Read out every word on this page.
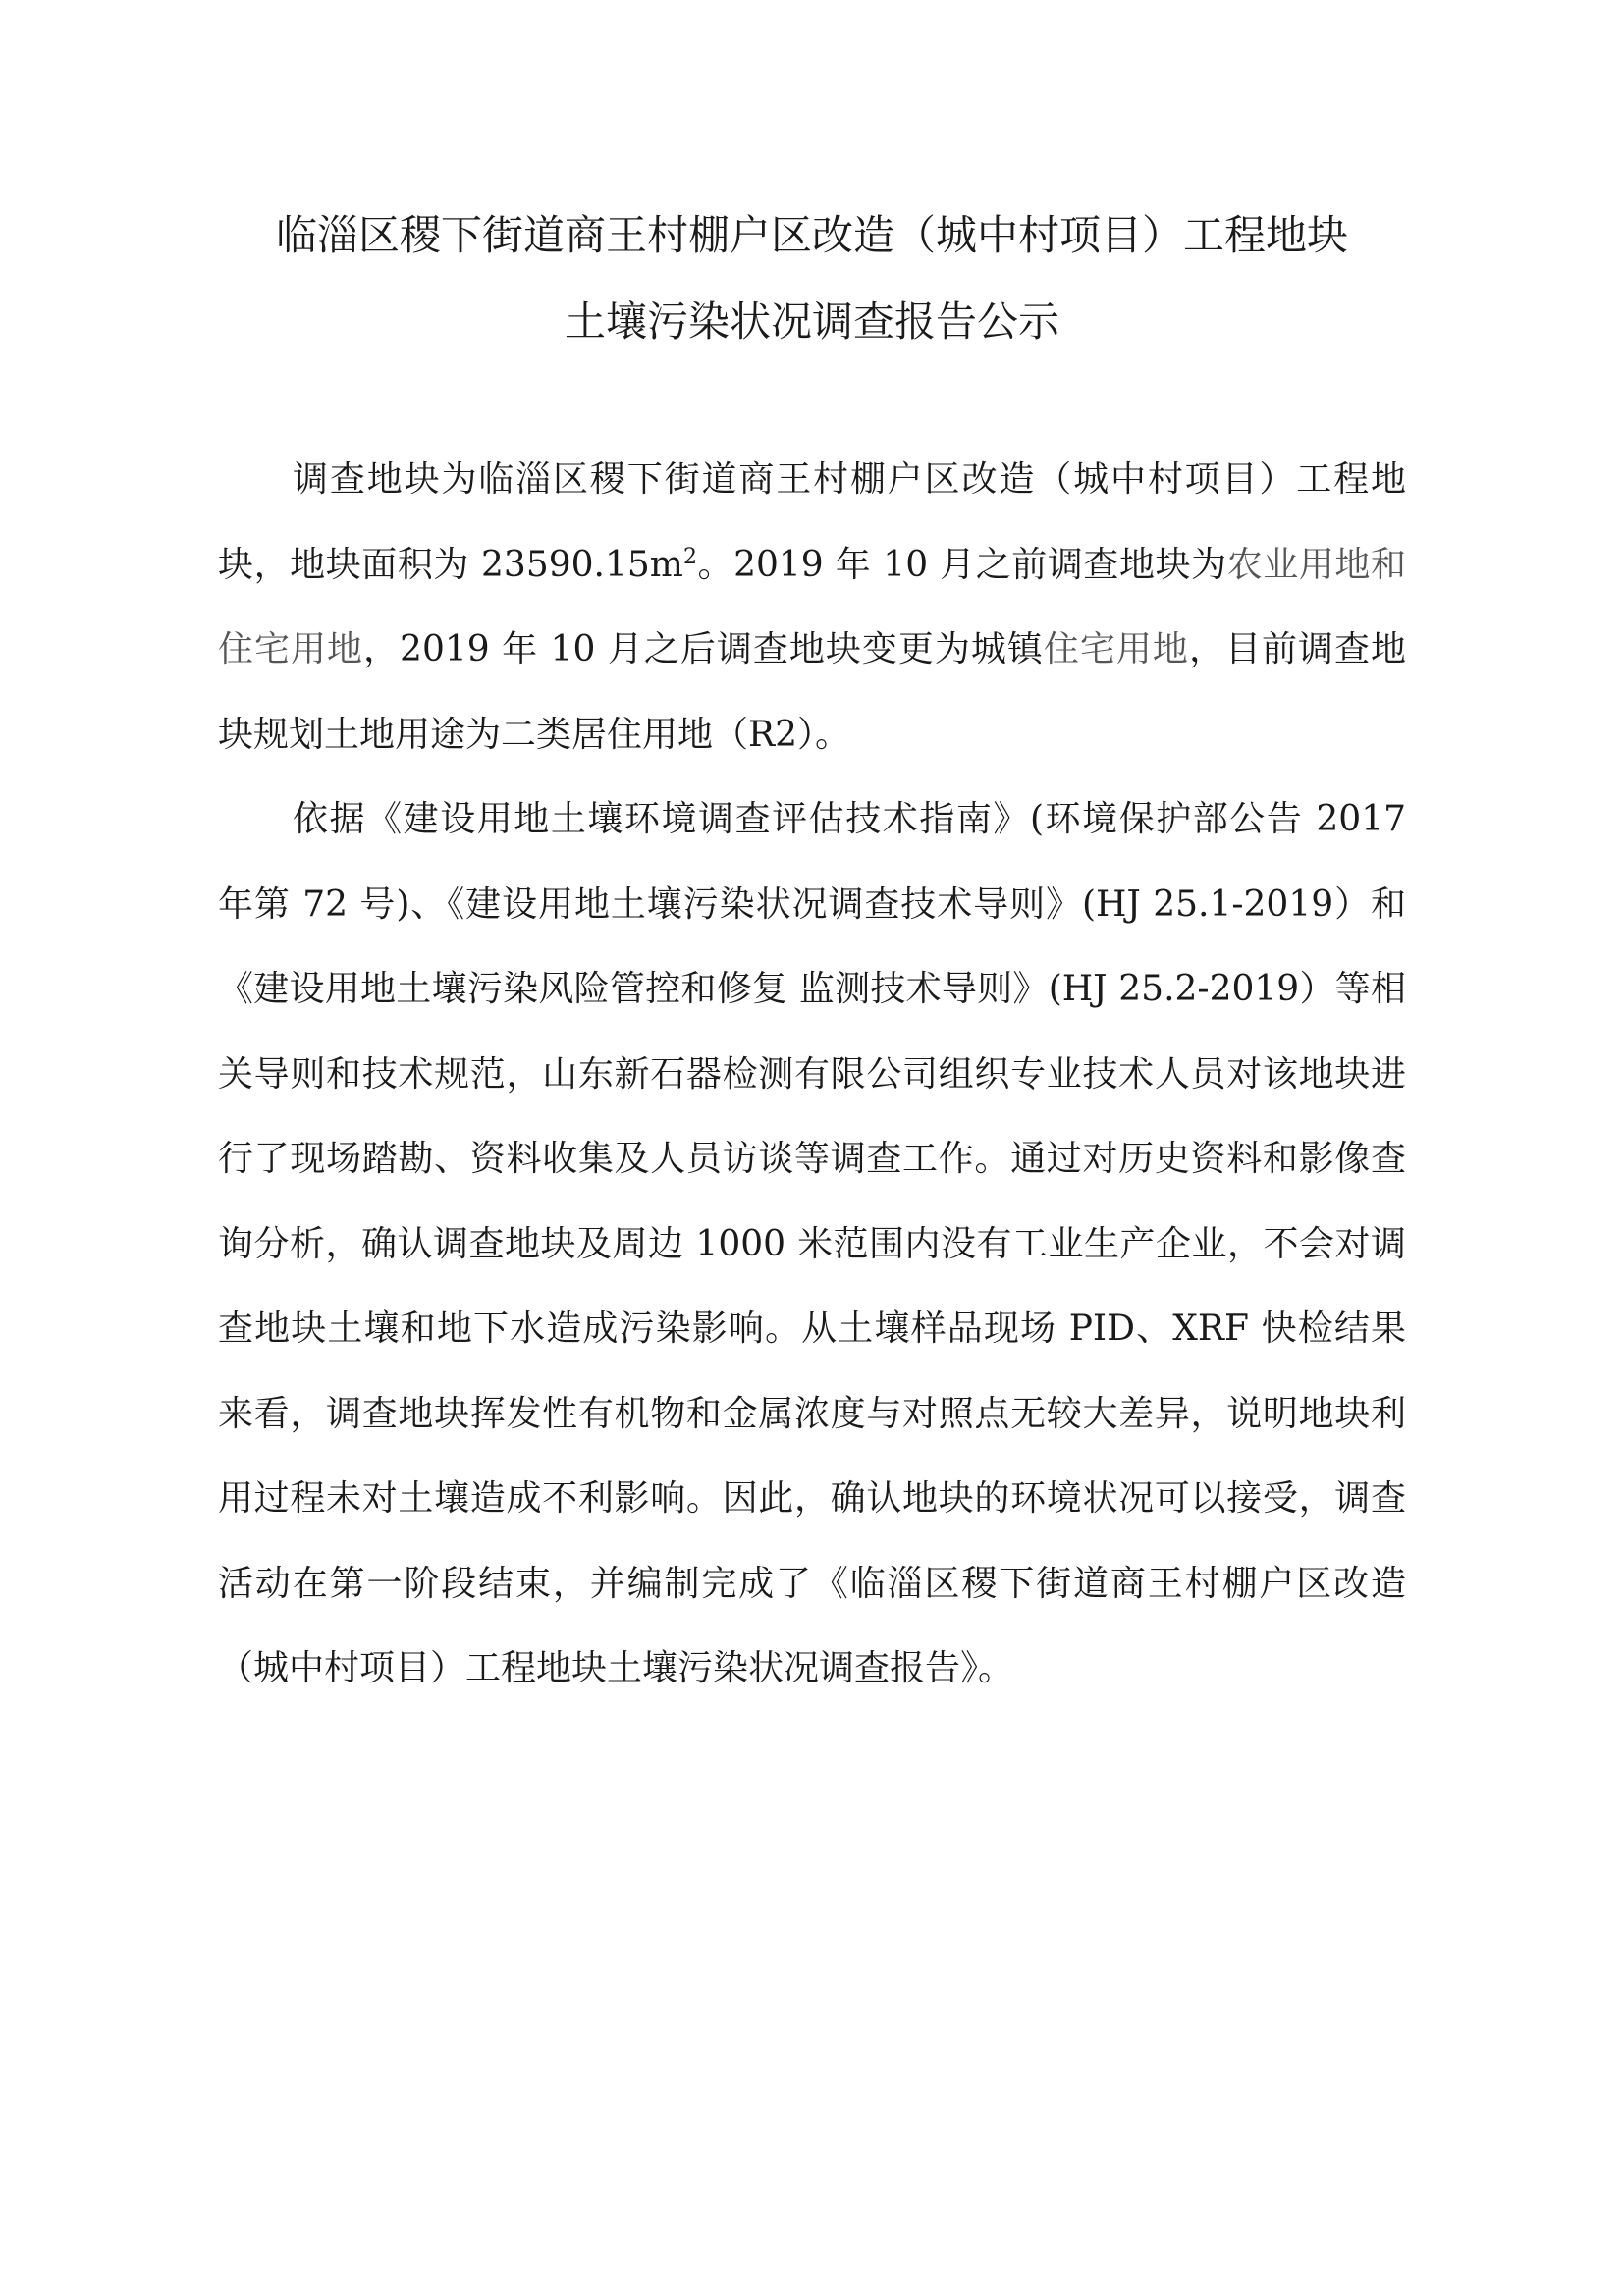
临淄区稷下街道商王村棚户区改造（城中村项目）工程地块
土壤污染状况调查报告公示

调查地块为临淄区稷下街道商王村棚户区改造（城中村项目）工程地块，地块面积为 $23590.15m^2$。2019 年 10 月之前调查地块为农业用地和住宅用地，2019 年 10 月之后调查地块变更为城镇住宅用地，目前调查地块规划土地用途为二类居住用地（R2）。

依据《建设用地土壤环境调查评估技术指南》(环境保护部公告 2017 年第 72 号)、《建设用地土壤污染状况调查技术导则》(HJ 25.1-2019）和《建设用地土壤污染风险管控和修复 监测技术导则》(HJ 25.2-2019）等相关导则和技术规范，山东新石器检测有限公司组织专业技术人员对该地块进行了现场踏勘、资料收集及人员访谈等调查工作。通过对历史资料和影像查询分析，确认调查地块及周边 1000 米范围内没有工业生产企业，不会对调查地块土壤和地下水造成污染影响。从土壤样品现场 PID、XRF 快检结果来看，调查地块挥发性有机物和金属浓度与对照点无较大差异，说明地块利用过程未对土壤造成不利影响。因此，确认地块的环境状况可以接受，调查活动在第一阶段结束，并编制完成了《临淄区稷下街道商王村棚户区改造（城中村项目）工程地块土壤污染状况调查报告》。
